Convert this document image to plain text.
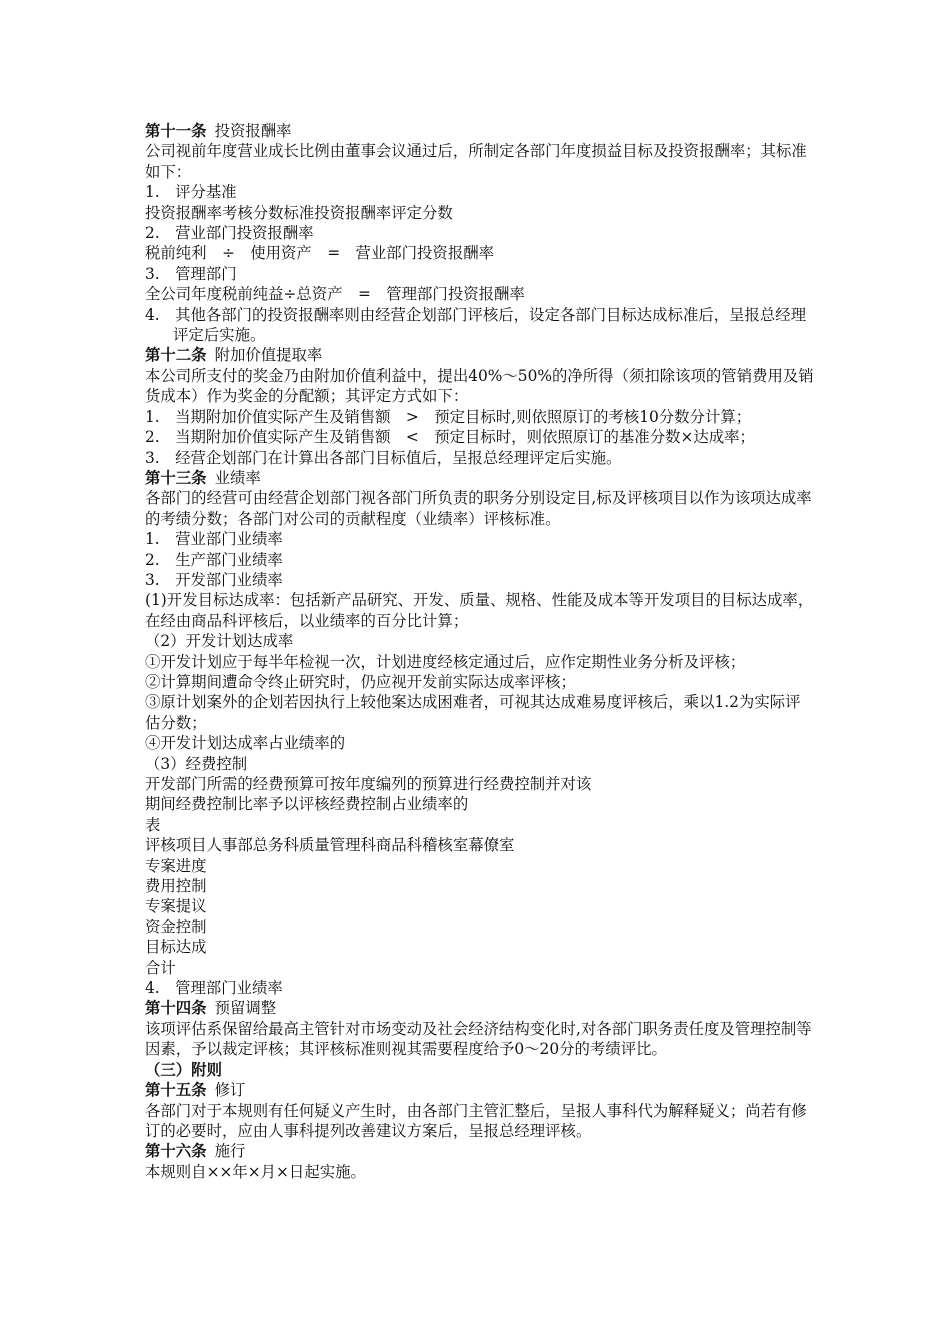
第十一条 投资报酬率
公司视前年度营业成长比例由董事会议通过后，所制定各部门年度损益目标及投资报酬率；其标准如下：
1.　评分基准
投资报酬率考核分数标准投资报酬率评定分数
2.　营业部门投资报酬率
税前纯利　÷　使用资产　=　营业部门投资报酬率
3.　管理部门
全公司年度税前纯益÷总资产　=　管理部门投资报酬率
4.　其他各部门的投资报酬率则由经营企划部门评核后，设定各部门目标达成标准后，呈报总经理评定后实施。
第十二条 附加价值提取率
本公司所支付的奖金乃由附加价值利益中，提出40%～50%的净所得（须扣除该项的管销费用及销货成本）作为奖金的分配额；其评定方式如下：
1.　当期附加价值实际产生及销售额　>　预定目标时,则依照原订的考核10分数分计算；
2.　当期附加价值实际产生及销售额　<　预定目标时，则依照原订的基准分数×达成率；
3.　经营企划部门在计算出各部门目标值后，呈报总经理评定后实施。
第十三条 业绩率
各部门的经营可由经营企划部门视各部门所负责的职务分别设定目,标及评核项目以作为该项达成率的考绩分数；各部门对公司的贡献程度（业绩率）评核标准。
1.　营业部门业绩率
2.　生产部门业绩率
3.　开发部门业绩率
(1)开发目标达成率：包括新产品研究、开发、质量、规格、性能及成本等开发项目的目标达成率，在经由商品科评核后，以业绩率的百分比计算；
（2）开发计划达成率
①开发计划应于每半年检视一次，计划进度经核定通过后，应作定期性业务分析及评核；
②计算期间遭命令终止研究时，仍应视开发前实际达成率评核；
③原计划案外的企划若因执行上较他案达成困难者，可视其达成难易度评核后，乘以1.2为实际评估分数；
④开发计划达成率占业绩率的
（3）经费控制
开发部门所需的经费预算可按年度编列的预算进行经费控制并对该
期间经费控制比率予以评核经费控制占业绩率的
表
评核项目人事部总务科质量管理科商品科稽核室幕僚室
专案进度
费用控制
专案提议
资金控制
目标达成
合计
4.　管理部门业绩率
第十四条 预留调整
该项评估系保留给最高主管针对市场变动及社会经济结构变化时,对各部门职务责任度及管理控制等因素，予以裁定评核；其评核标准则视其需要程度给予0～20分的考绩评比。
（三）附则
第十五条 修订
各部门对于本规则有任何疑义产生时，由各部门主管汇整后，呈报人事科代为解释疑义；尚若有修订的必要时，应由人事科提列改善建议方案后，呈报总经理评核。
第十六条 施行
本规则自××年×月×日起实施。
